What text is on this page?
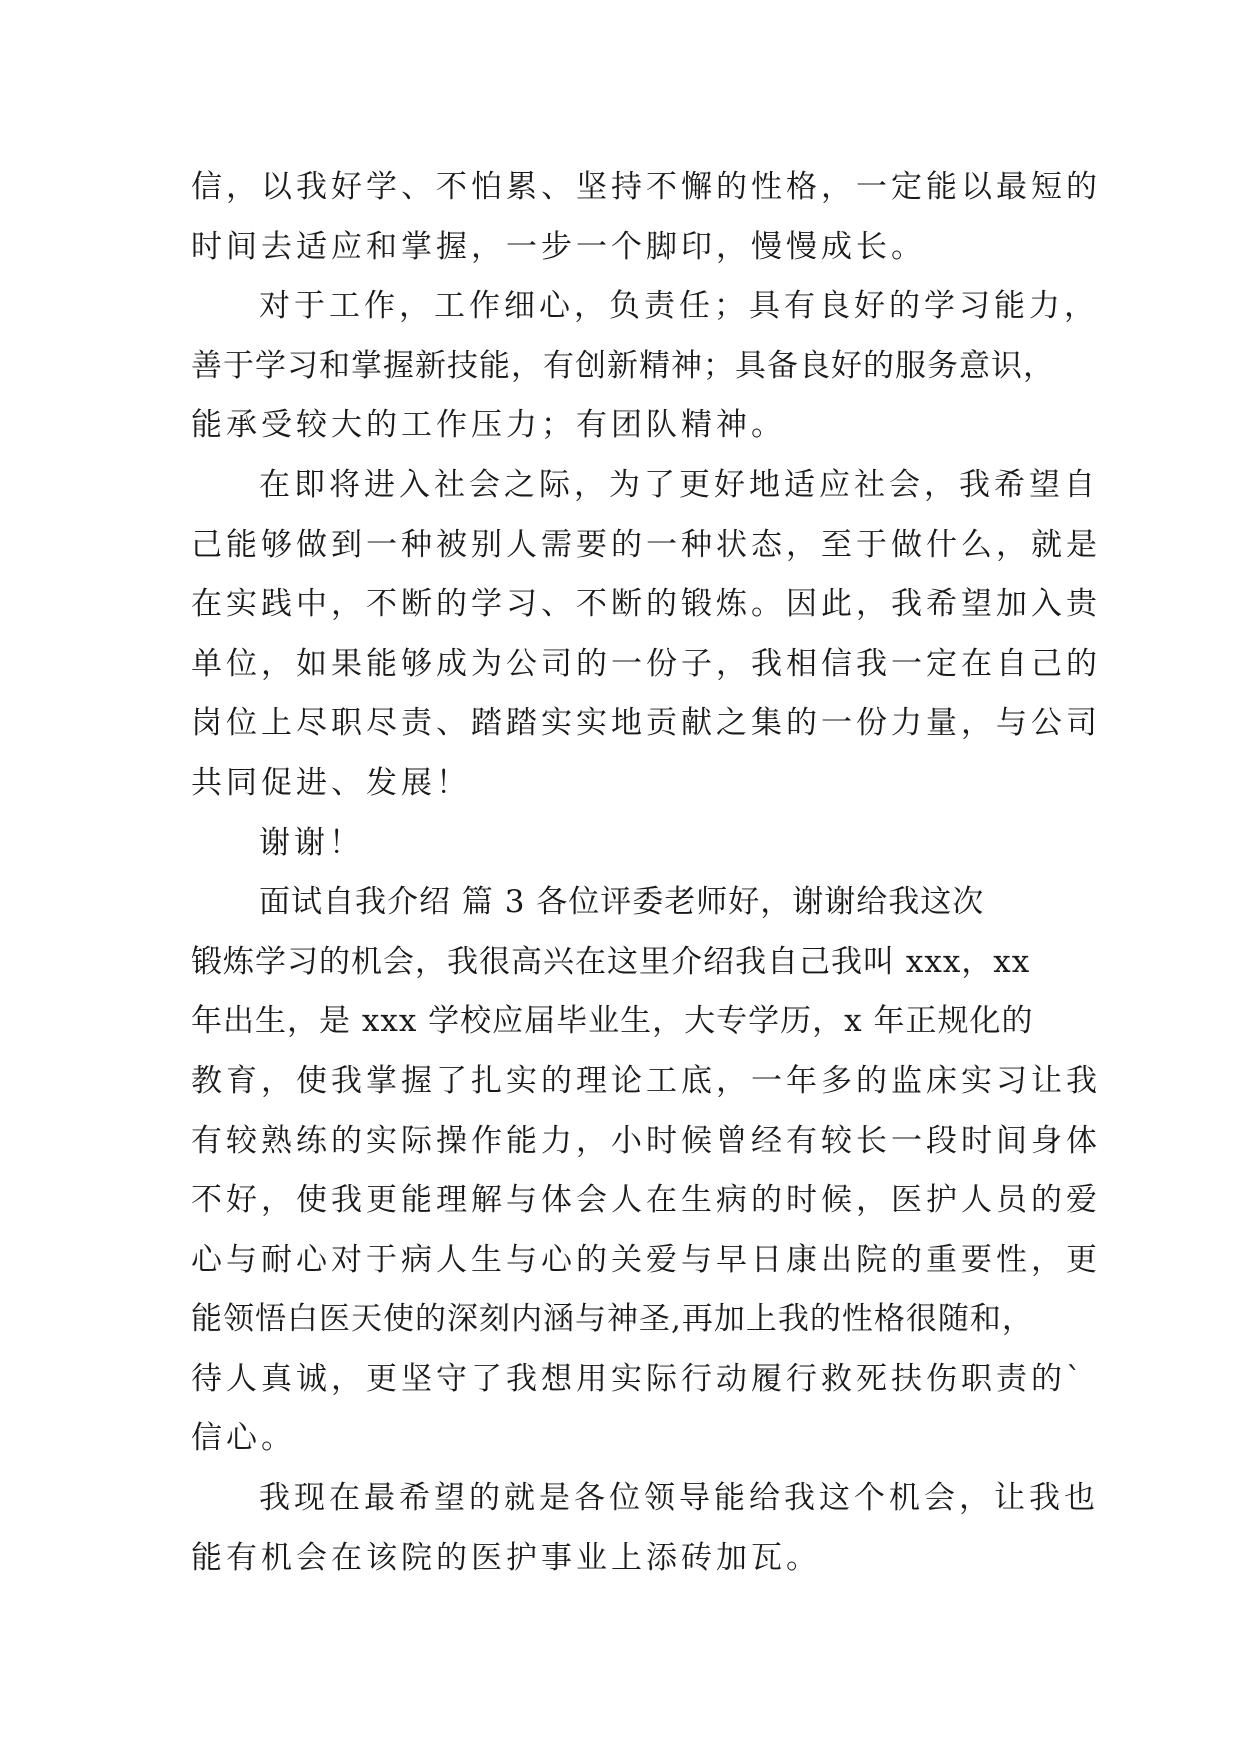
信，以我好学、不怕累、坚持不懈的性格，一定能以最短的
时间去适应和掌握，一步一个脚印，慢慢成长。
对于工作，工作细心，负责任；具有良好的学习能力，
善于学习和掌握新技能，有创新精神；具备良好的服务意识，
能承受较大的工作压力；有团队精神。
在即将进入社会之际，为了更好地适应社会，我希望自
己能够做到一种被别人需要的一种状态，至于做什么，就是
在实践中，不断的学习、不断的锻炼。因此，我希望加入贵
单位，如果能够成为公司的一份子，我相信我一定在自己的
岗位上尽职尽责、踏踏实实地贡献之集的一份力量，与公司
共同促进、发展！
谢谢！
面试自我介绍 篇 3 各位评委老师好，谢谢给我这次
锻炼学习的机会，我很高兴在这里介绍我自己我叫 xxx，xx
年出生，是 xxx 学校应届毕业生，大专学历，x 年正规化的
教育，使我掌握了扎实的理论工底，一年多的监床实习让我
有较熟练的实际操作能力，小时候曾经有较长一段时间身体
不好，使我更能理解与体会人在生病的时候，医护人员的爱
心与耐心对于病人生与心的关爱与早日康出院的重要性，更
能领悟白医天使的深刻内涵与神圣,再加上我的性格很随和，
待人真诚，更坚守了我想用实际行动履行救死扶伤职责的`
信心。
我现在最希望的就是各位领导能给我这个机会，让我也
能有机会在该院的医护事业上添砖加瓦。
